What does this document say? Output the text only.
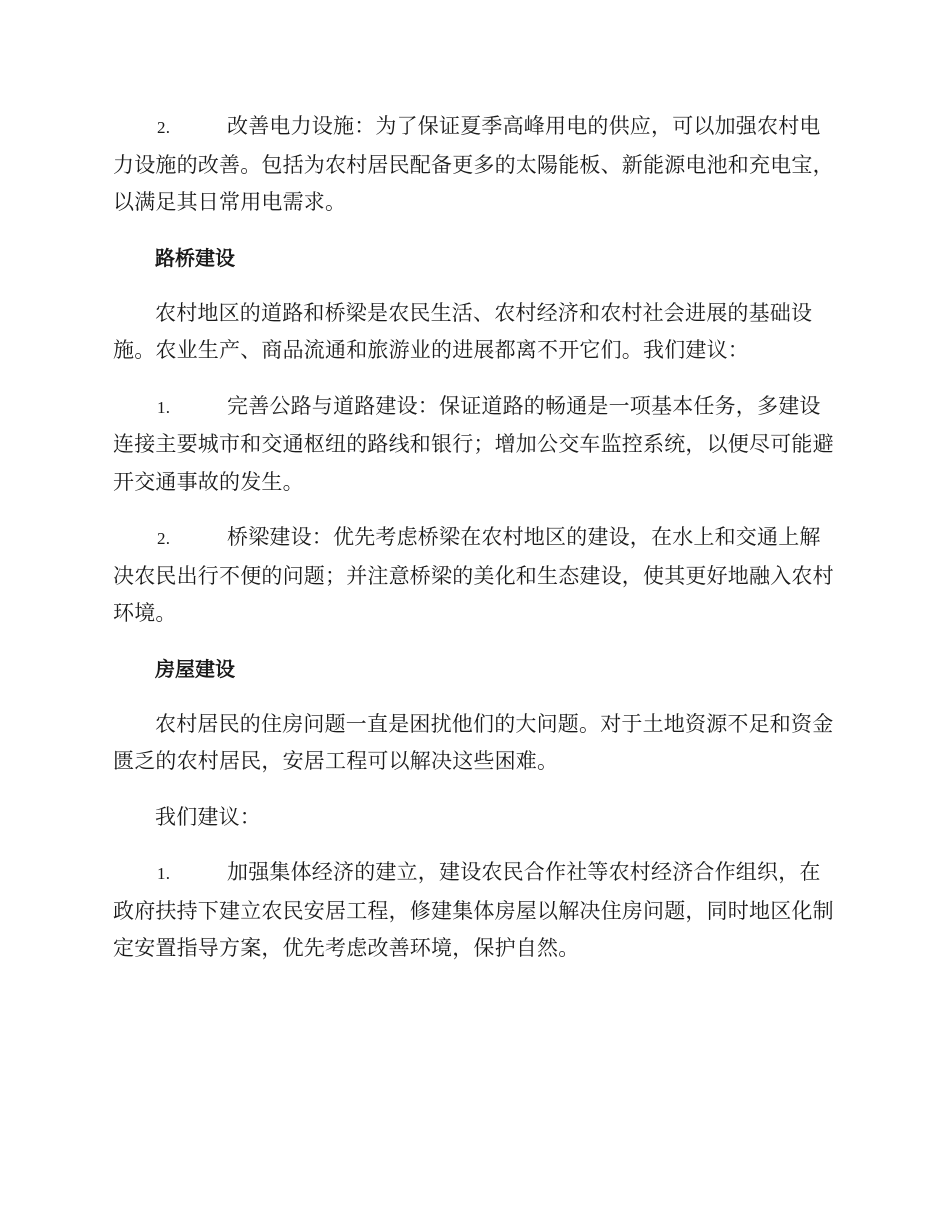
2.	改善电力设施：为了保证夏季高峰用电的供应，可以加强农村电力设施的改善。包括为农村居民配备更多的太陽能板、新能源电池和充电宝，以满足其日常用电需求。

路桥建设

农村地区的道路和桥梁是农民生活、农村经济和农村社会进展的基础设施。农业生产、商品流通和旅游业的进展都离不开它们。我们建议：

1.	完善公路与道路建设：保证道路的畅通是一项基本任务，多建设连接主要城市和交通枢纽的路线和银行；增加公交车监控系统，以便尽可能避开交通事故的发生。

2.	桥梁建设：优先考虑桥梁在农村地区的建设，在水上和交通上解决农民出行不便的问题；并注意桥梁的美化和生态建设，使其更好地融入农村环境。

房屋建设

农村居民的住房问题一直是困扰他们的大问题。对于土地资源不足和资金匮乏的农村居民，安居工程可以解决这些困难。

我们建议：

1.	加强集体经济的建立，建设农民合作社等农村经济合作组织，在政府扶持下建立农民安居工程，修建集体房屋以解决住房问题，同时地区化制定安置指导方案，优先考虑改善环境，保护自然。
